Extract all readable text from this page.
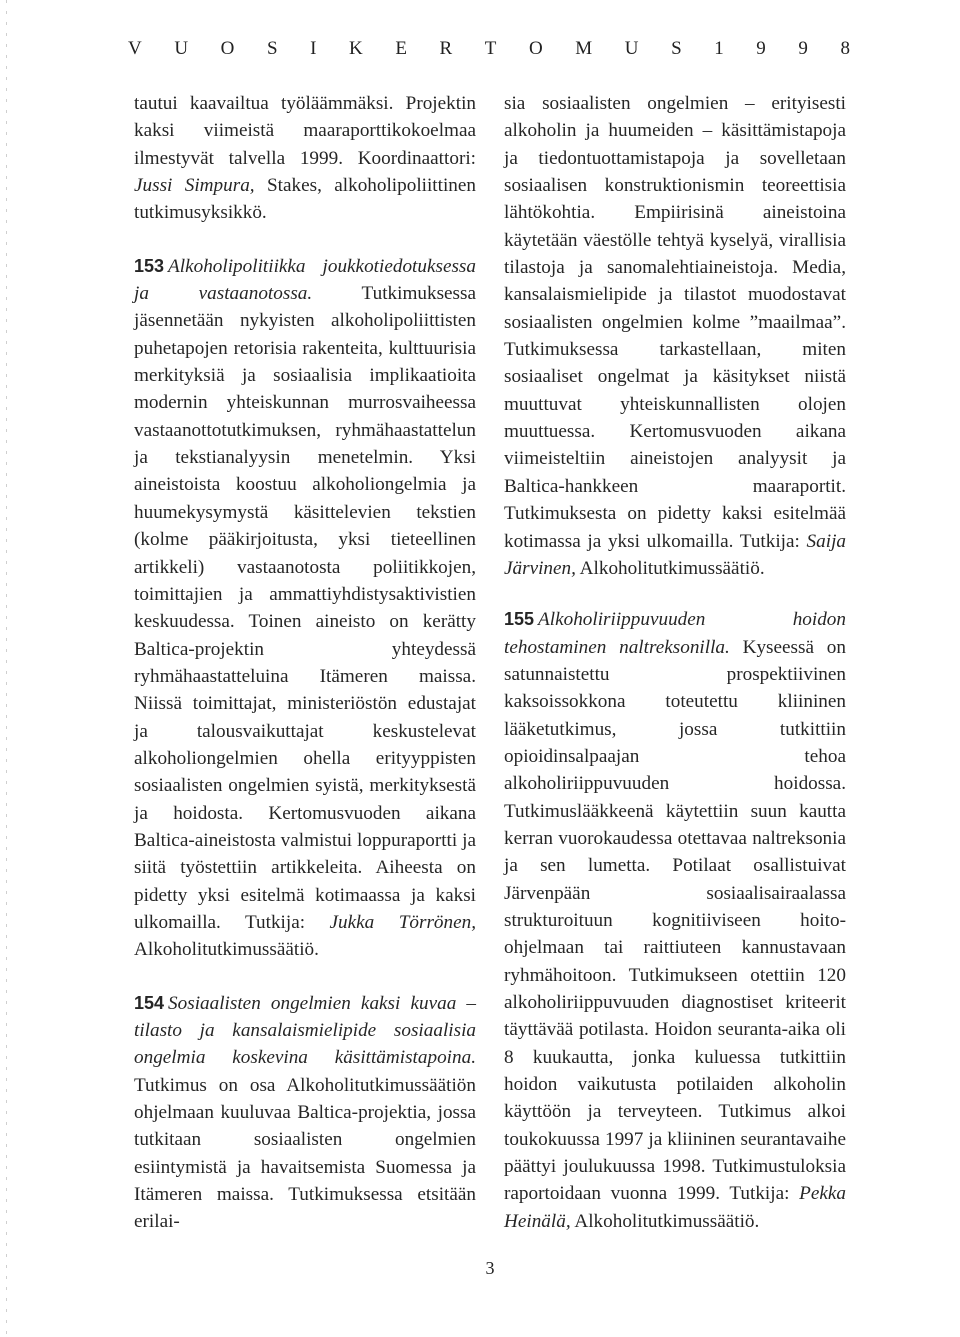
V U O S I K E R T O M U S 1 9 9 8

tautui kaavailtua työläämmäksi. Projektin kaksi viimeistä maaraporttikokoelmaa ilmestyvät talvella 1999. Koordinaattori: Jussi Simpura, Stakes, alkoholipoliittinen tutkimusyksikkö.

153 Alkoholipolitiikka joukkotiedotuksessa ja vastaanotossa. Tutkimuksessa jäsennetään nykyisten alkoholipoliittisten puhetapojen retorisia rakenteita, kulttuurisia merkityksiä ja sosiaalisia implikaatioita modernin yhteiskunnan murrosvaiheessa vastaanottotutkimuksen, ryhmähaastattelun ja tekstianalyysin menetelmin. Yksi aineistoista koostuu alkoholiongelmia ja huumekysymystä käsittelevien tekstien (kolme pääkirjoitusta, yksi tieteellinen artikkeli) vastaanotosta poliitikkojen, toimittajien ja ammattiyhdistysaktivistien keskuudessa. Toinen aineisto on kerätty Baltica-projektin yhteydessä ryhmähaastatteluina Itämeren maissa. Niissä toimittajat, ministeriöstön edustajat ja talousvaikuttajat keskustelevat alkoholiongelmien ohella erityyppisten sosiaalisten ongelmien syistä, merkityksestä ja hoidosta. Kertomusvuoden aikana Baltica-aineistosta valmistui loppuraportti ja siitä työstettiin artikkeleita. Aiheesta on pidetty yksi esitelmä kotimaassa ja kaksi ulkomailla. Tutkija: Jukka Törrönen, Alkoholitutkimussäätiö.

154 Sosiaalisten ongelmien kaksi kuvaa – tilasto ja kansalaismielipide sosiaalisia ongelmia koskevina käsittämistapoina. Tutkimus on osa Alkoholitutkimussäätiön ohjelmaan kuuluvaa Baltica-projektia, jossa tutkitaan sosiaalisten ongelmien esiintymistä ja havaitsemista Suomessa ja Itämeren maissa. Tutkimuksessa etsitään erilai-

sia sosiaalisten ongelmien – erityisesti alkoholin ja huumeiden – käsittämistapoja ja tiedontuottamistapoja ja sovelletaan sosiaalisen konstruktionismin teoreettisia lähtökohtia. Empiirisinä aineistoina käytetään väestölle tehtyä kyselyä, virallisia tilastoja ja sanomalehtiaineistoja. Media, kansalaismielipide ja tilastot muodostavat sosiaalisten ongelmien kolme ”maailmaa”. Tutkimuksessa tarkastellaan, miten sosiaaliset ongelmat ja käsitykset niistä muuttuvat yhteiskunnallisten olojen muuttuessa. Kertomusvuoden aikana viimeisteltiin aineistojen analyysit ja Baltica-hankkeen maaraportit. Tutkimuksesta on pidetty kaksi esitelmää kotimassa ja yksi ulkomailla. Tutkija: Saija Järvinen, Alkoholitutkimussäätiö.

155 Alkoholiriippuvuuden hoidon tehostaminen naltreksonilla. Kyseessä on satunnaistettu prospektiivinen kaksoissokkona toteutettu kliininen lääketutkimus, jossa tutkittiin opioidinsalpaajan tehoa alkoholiriippuvuuden hoidossa. Tutkimuslääkkeenä käytettiin suun kautta kerran vuorokaudessa otettavaa naltreksonia ja sen lumetta. Potilaat osallistuivat Järvenpään sosiaalisairaalassa strukturoituun kognitiiviseen hoito-ohjelmaan tai raittiuteen kannustavaan ryhmähoitoon. Tutkimukseen otettiin 120 alkoholiriippuvuuden diagnostiset kriteerit täyttävää potilasta. Hoidon seuranta-aika oli 8 kuukautta, jonka kuluessa tutkittiin hoidon vaikutusta potilaiden alkoholin käyttöön ja terveyteen. Tutkimus alkoi toukokuussa 1997 ja kliininen seurantavaihe päättyi joulukuussa 1998. Tutkimustuloksia raportoidaan vuonna 1999. Tutkija: Pekka Heinälä, Alkoholitutkimussäätiö.

3
